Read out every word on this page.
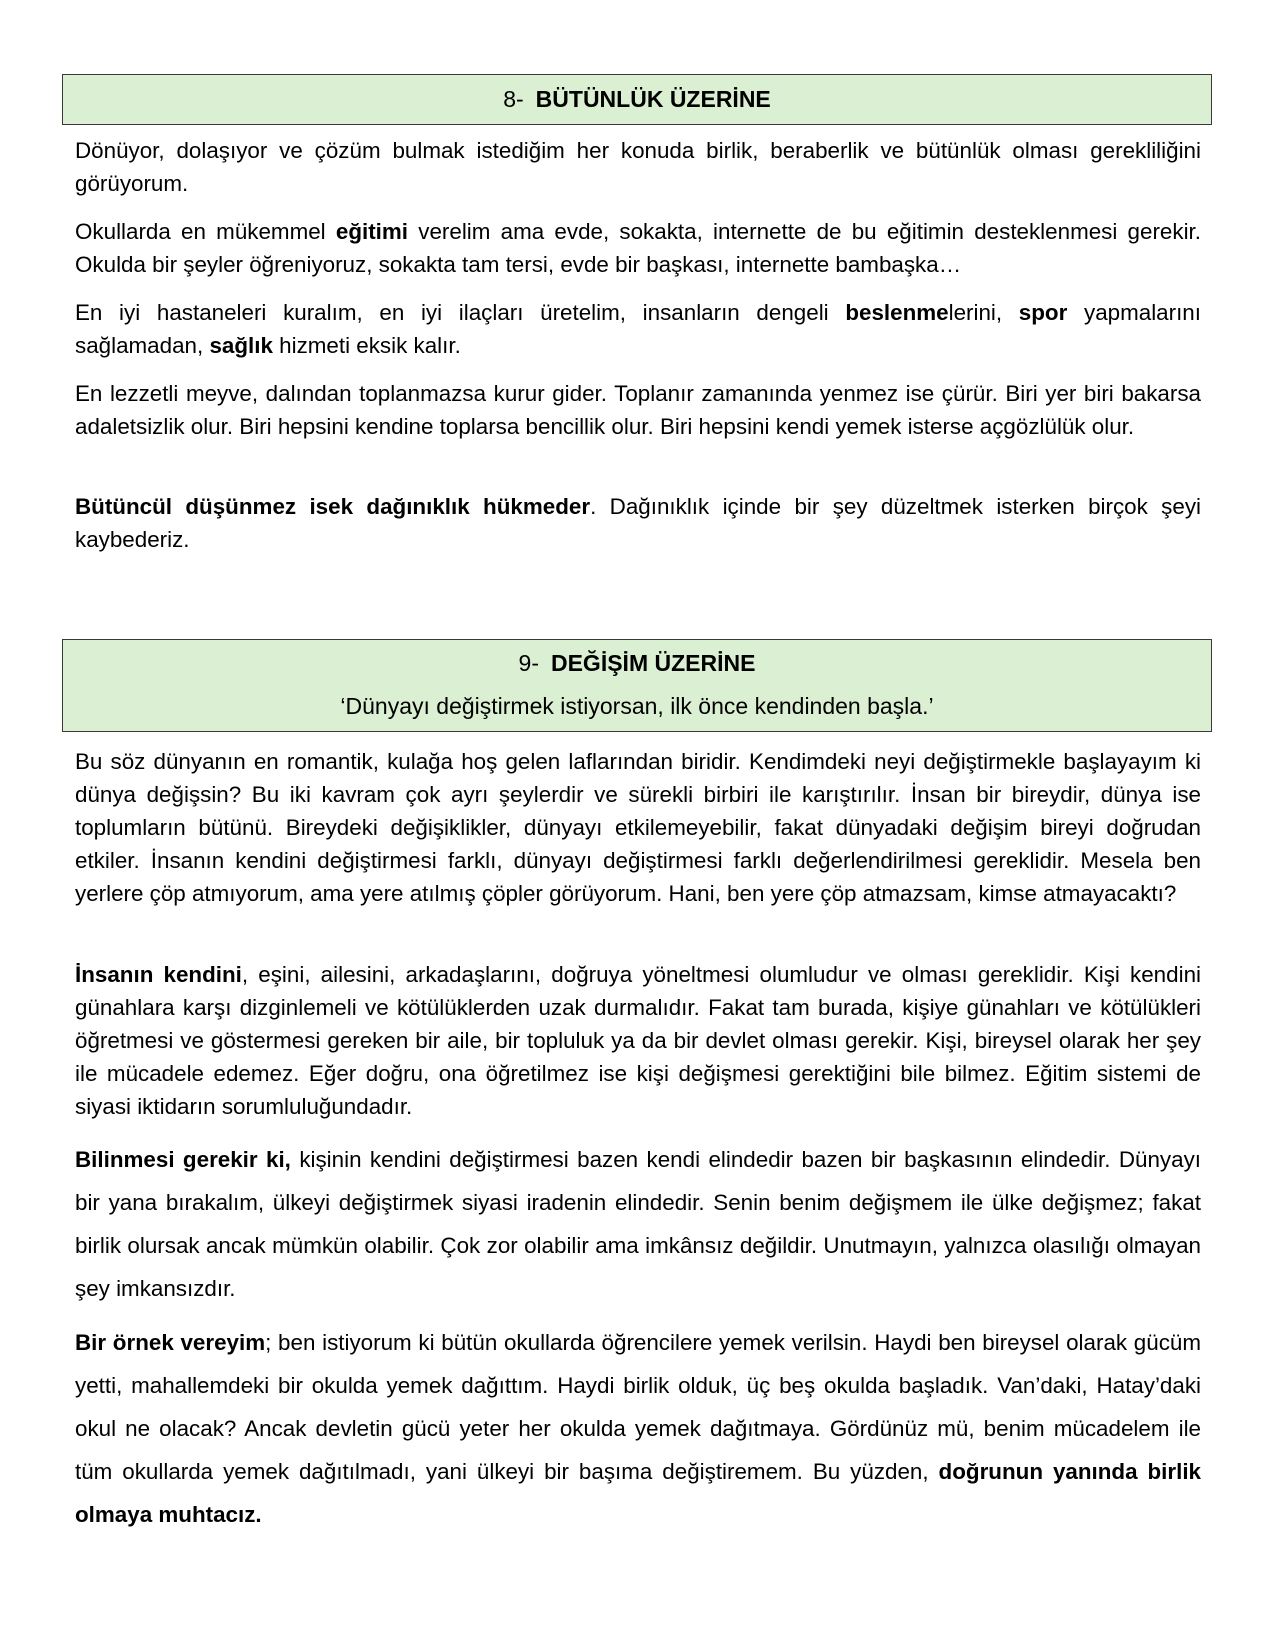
8- BÜTÜNLÜK ÜZERİNE

Dönüyor, dolaşıyor ve çözüm bulmak istediğim her konuda birlik, beraberlik ve bütünlük olması gerekliliğini görüyorum.

Okullarda en mükemmel eğitimi verelim ama evde, sokakta, internette de bu eğitimin desteklenmesi gerekir. Okulda bir şeyler öğreniyoruz, sokakta tam tersi, evde bir başkası, internette bambaşka…

En iyi hastaneleri kuralım, en iyi ilaçları üretelim, insanların dengeli beslenmelerini, spor yapmalarını sağlamadan, sağlık hizmeti eksik kalır.

En lezzetli meyve, dalından toplanmazsa kurur gider. Toplanır zamanında yenmez ise çürür. Biri yer biri bakarsa adaletsizlik olur. Biri hepsini kendine toplarsa bencillik olur. Biri hepsini kendi yemek isterse açgözlülük olur.

Bütüncül düşünmez isek dağınıklık hükmeder. Dağınıklık içinde bir şey düzeltmek isterken birçok şeyi kaybederiz.

9- DEĞİŞİM ÜZERİNE
‘Dünyayı değiştirmek istiyorsan, ilk önce kendinden başla.’

Bu söz dünyanın en romantik, kulağa hoş gelen laflarından biridir. Kendimdeki neyi değiştirmekle başlayayım ki dünya değişsin? Bu iki kavram çok ayrı şeylerdir ve sürekli birbiri ile karıştırılır. İnsan bir bireydir, dünya ise toplumların bütünü. Bireydeki değişiklikler, dünyayı etkilemeyebilir, fakat dünyadaki değişim bireyi doğrudan etkiler. İnsanın kendini değiştirmesi farklı, dünyayı değiştirmesi farklı değerlendirilmesi gereklidir. Mesela ben yerlere çöp atmıyorum, ama yere atılmış çöpler görüyorum. Hani, ben yere çöp atmazsam, kimse atmayacaktı?

İnsanın kendini, eşini, ailesini, arkadaşlarını, doğruya yöneltmesi olumludur ve olması gereklidir. Kişi kendini günahlara karşı dizginlemeli ve kötülüklerden uzak durmalıdır. Fakat tam burada, kişiye günahları ve kötülükleri öğretmesi ve göstermesi gereken bir aile, bir topluluk ya da bir devlet olması gerekir. Kişi, bireysel olarak her şey ile mücadele edemez. Eğer doğru, ona öğretilmez ise kişi değişmesi gerektiğini bile bilmez. Eğitim sistemi de siyasi iktidarın sorumluluğundadır.

Bilinmesi gerekir ki, kişinin kendini değiştirmesi bazen kendi elindedir bazen bir başkasının elindedir. Dünyayı bir yana bırakalım, ülkeyi değiştirmek siyasi iradenin elindedir. Senin benim değişmem ile ülke değişmez; fakat birlik olursak ancak mümkün olabilir. Çok zor olabilir ama imkânsız değildir. Unutmayın, yalnızca olasılığı olmayan şey imkansızdır.

Bir örnek vereyim; ben istiyorum ki bütün okullarda öğrencilere yemek verilsin. Haydi ben bireysel olarak gücüm yetti, mahallemdeki bir okulda yemek dağıttım. Haydi birlik olduk, üç beş okulda başladık. Van’daki, Hatay’daki okul ne olacak? Ancak devletin gücü yeter her okulda yemek dağıtmaya. Gördünüz mü, benim mücadelem ile tüm okullarda yemek dağıtılmadı, yani ülkeyi bir başıma değiştiremem. Bu yüzden, doğrunun yanında birlik olmaya muhtacız.
